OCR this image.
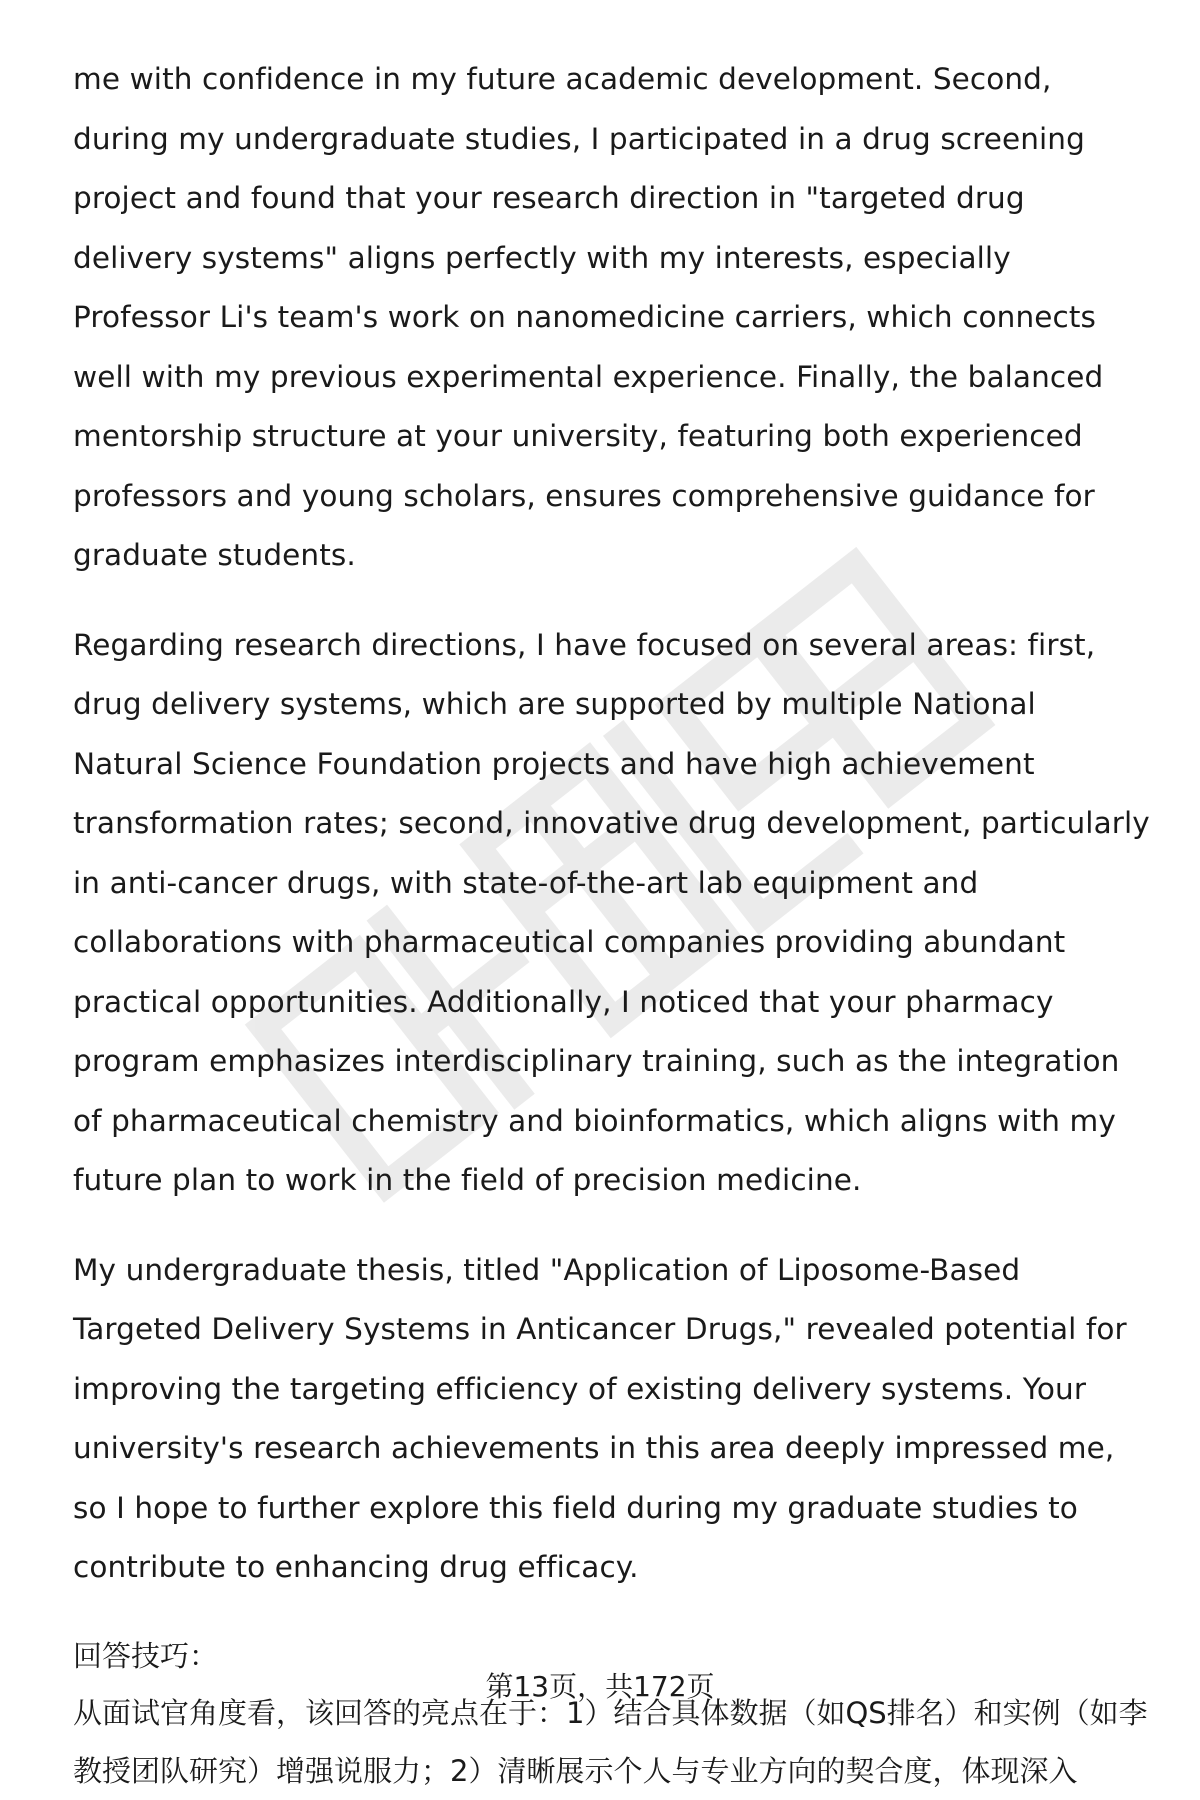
me with confidence in my future academic development. Second, during my undergraduate studies, I participated in a drug screening project and found that your research direction in "targeted drug delivery systems" aligns perfectly with my interests, especially Professor Li's team's work on nanomedicine carriers, which connects well with my previous experimental experience. Finally, the balanced mentorship structure at your university, featuring both experienced professors and young scholars, ensures comprehensive guidance for graduate students.

Regarding research directions, I have focused on several areas: first, drug delivery systems, which are supported by multiple National Natural Science Foundation projects and have high achievement transformation rates; second, innovative drug development, particularly in anti-cancer drugs, with state-of-the-art lab equipment and collaborations with pharmaceutical companies providing abundant practical opportunities. Additionally, I noticed that your pharmacy program emphasizes interdisciplinary training, such as the integration of pharmaceutical chemistry and bioinformatics, which aligns with my future plan to work in the field of precision medicine.

My undergraduate thesis, titled "Application of Liposome-Based Targeted Delivery Systems in Anticancer Drugs," revealed potential for improving the targeting efficiency of existing delivery systems. Your university's research achievements in this area deeply impressed me, so I hope to further explore this field during my graduate studies to contribute to enhancing drug efficacy.

回答技巧：

从面试官角度看，该回答的亮点在于：1）结合具体数据（如QS排名）和实例（如李教授团队研究）增强说服力；2）清晰展示个人与专业方向的契合度，体现深入

第13页，共172页
